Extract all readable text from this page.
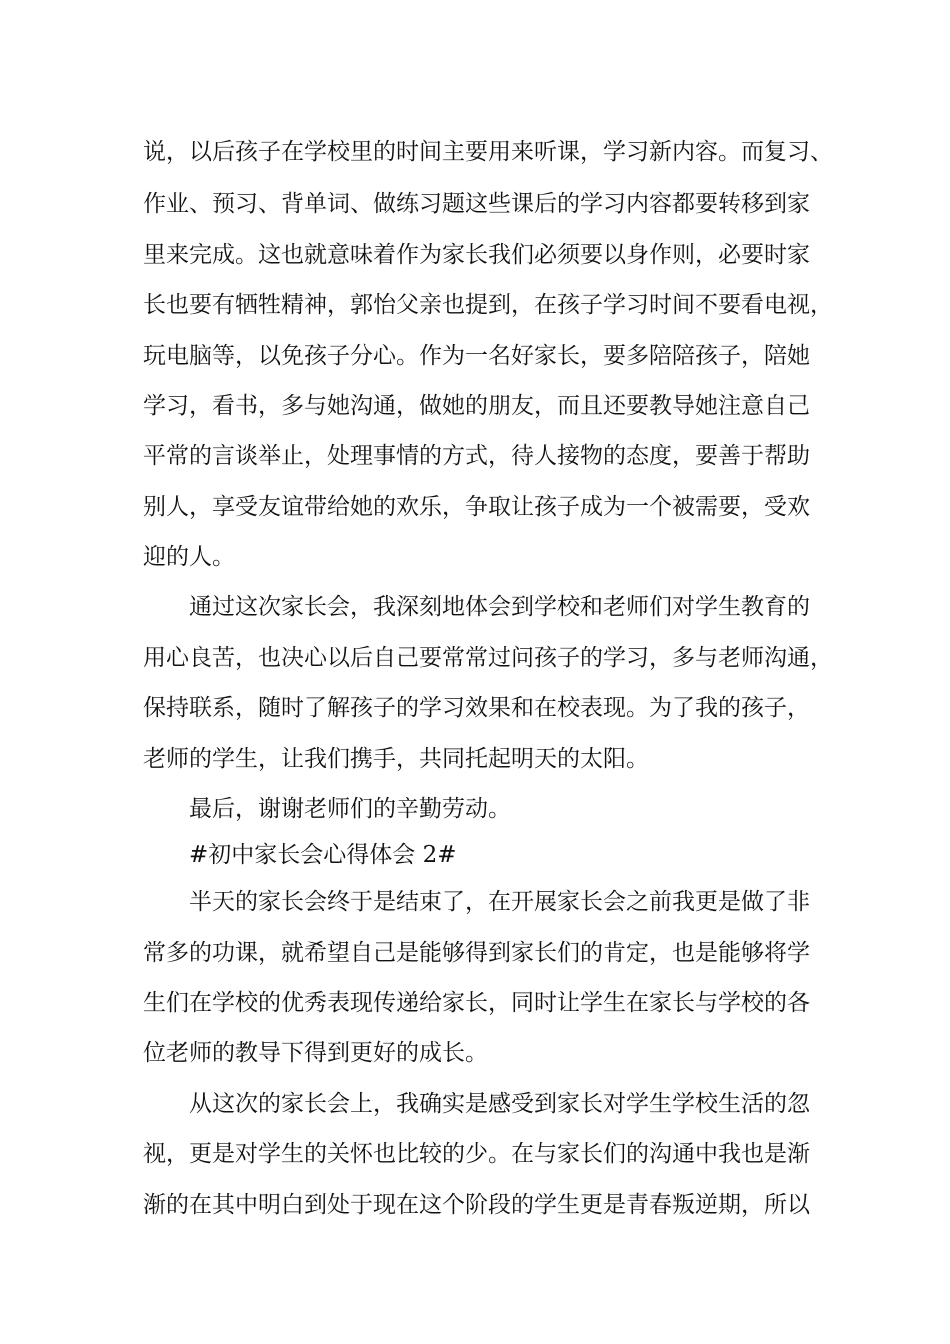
说，以后孩子在学校里的时间主要用来听课，学习新内容。而复习、
作业、预习、背单词、做练习题这些课后的学习内容都要转移到家
里来完成。这也就意味着作为家长我们必须要以身作则，必要时家
长也要有牺牲精神，郭怡父亲也提到，在孩子学习时间不要看电视，
玩电脑等，以免孩子分心。作为一名好家长，要多陪陪孩子，陪她
学习，看书，多与她沟通，做她的朋友，而且还要教导她注意自己
平常的言谈举止，处理事情的方式，待人接物的态度，要善于帮助
别人，享受友谊带给她的欢乐，争取让孩子成为一个被需要，受欢
迎的人。
通过这次家长会，我深刻地体会到学校和老师们对学生教育的
用心良苦，也决心以后自己要常常过问孩子的学习，多与老师沟通，
保持联系，随时了解孩子的学习效果和在校表现。为了我的孩子，
老师的学生，让我们携手，共同托起明天的太阳。
最后，谢谢老师们的辛勤劳动。
#初中家长会心得体会 2#
半天的家长会终于是结束了，在开展家长会之前我更是做了非
常多的功课，就希望自己是能够得到家长们的肯定，也是能够将学
生们在学校的优秀表现传递给家长，同时让学生在家长与学校的各
位老师的教导下得到更好的成长。
从这次的家长会上，我确实是感受到家长对学生学校生活的忽
视，更是对学生的关怀也比较的少。在与家长们的沟通中我也是渐
渐的在其中明白到处于现在这个阶段的学生更是青春叛逆期，所以
